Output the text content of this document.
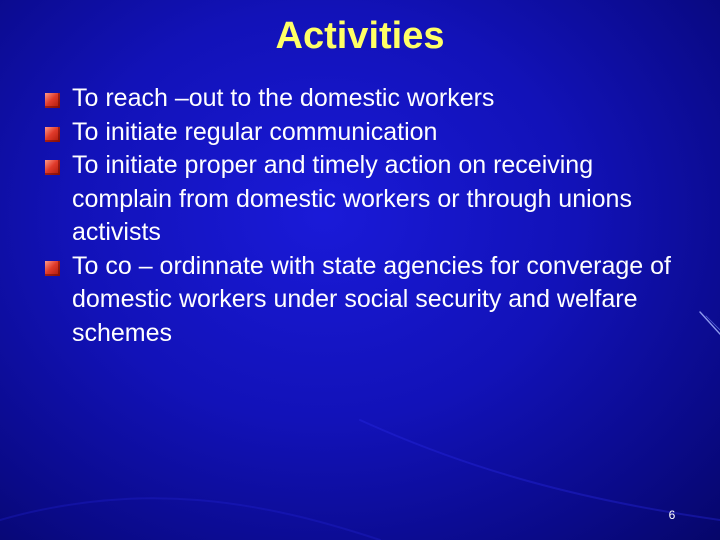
Activities
To reach –out to the domestic workers
To initiate regular communication
To initiate proper and timely action on receiving complain from domestic workers or through unions activists
To co – ordinnate with state agencies for converage of domestic workers under social security and welfare schemes
6
